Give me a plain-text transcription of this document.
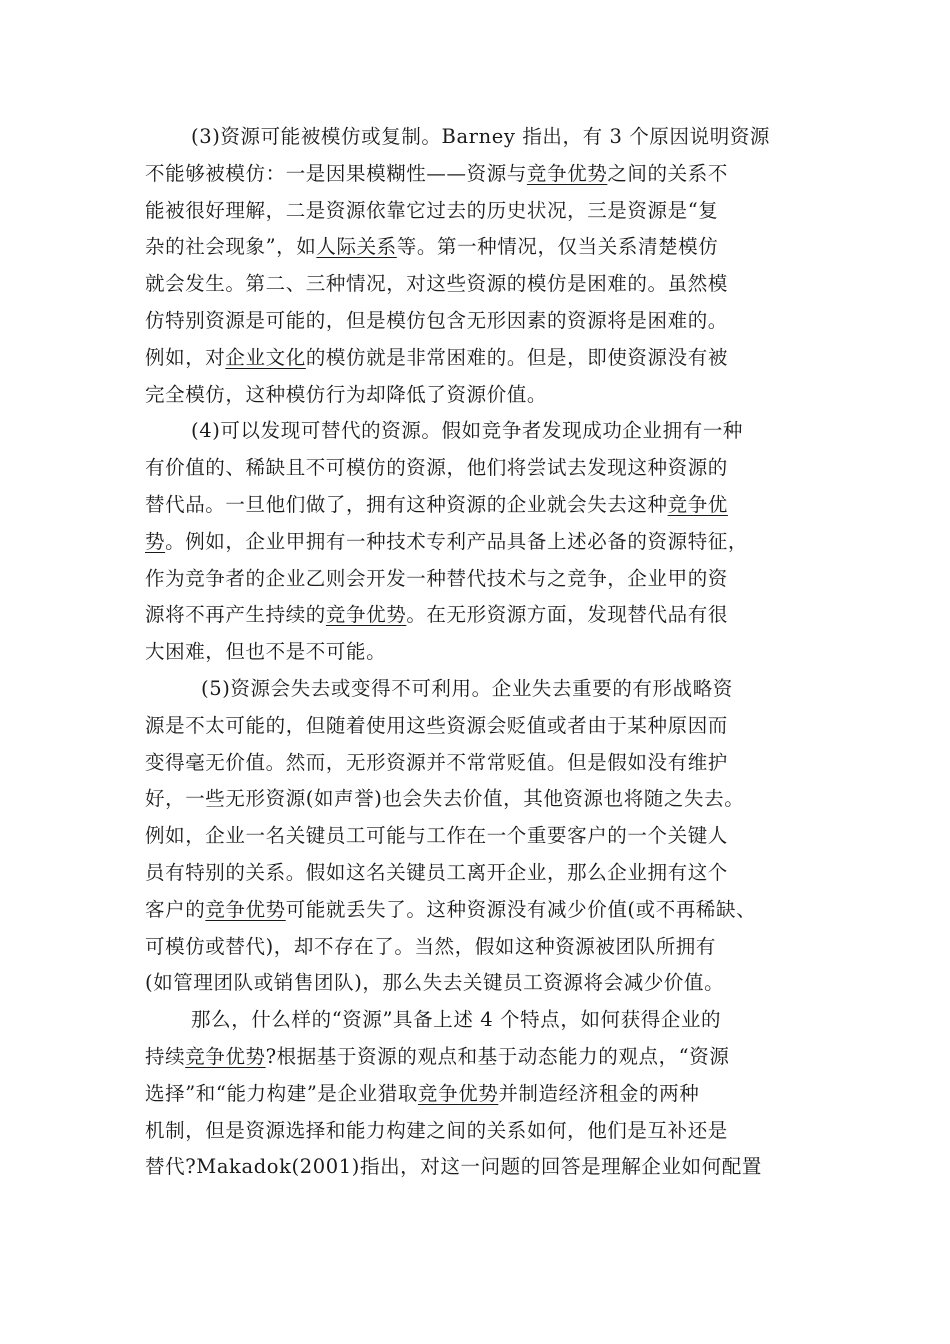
(3)资源可能被模仿或复制。Barney 指出，有 3 个原因说明资源
不能够被模仿：一是因果模糊性——资源与竞争优势之间的关系不
能被很好理解，二是资源依靠它过去的历史状况，三是资源是“复
杂的社会现象”，如人际关系等。第一种情况，仅当关系清楚模仿
就会发生。第二、三种情况，对这些资源的模仿是困难的。虽然模
仿特别资源是可能的，但是模仿包含无形因素的资源将是困难的。
例如，对企业文化的模仿就是非常困难的。但是，即使资源没有被
完全模仿，这种模仿行为却降低了资源价值。
(4)可以发现可替代的资源。假如竞争者发现成功企业拥有一种
有价值的、稀缺且不可模仿的资源，他们将尝试去发现这种资源的
替代品。一旦他们做了，拥有这种资源的企业就会失去这种竞争优
势。例如，企业甲拥有一种技术专利产品具备上述必备的资源特征，
作为竞争者的企业乙则会开发一种替代技术与之竞争，企业甲的资
源将不再产生持续的竞争优势。在无形资源方面，发现替代品有很
大困难，但也不是不可能。
(5)资源会失去或变得不可利用。企业失去重要的有形战略资
源是不太可能的，但随着使用这些资源会贬值或者由于某种原因而
变得毫无价值。然而，无形资源并不常常贬值。但是假如没有维护
好，一些无形资源(如声誉)也会失去价值，其他资源也将随之失去。
例如，企业一名关键员工可能与工作在一个重要客户的一个关键人
员有特别的关系。假如这名关键员工离开企业，那么企业拥有这个
客户的竞争优势可能就丢失了。这种资源没有减少价值(或不再稀缺、
可模仿或替代)，却不存在了。当然，假如这种资源被团队所拥有
(如管理团队或销售团队)，那么失去关键员工资源将会减少价值。
那么，什么样的“资源”具备上述 4 个特点，如何获得企业的
持续竞争优势?根据基于资源的观点和基于动态能力的观点，“资源
选择”和“能力构建”是企业猎取竞争优势并制造经济租金的两种
机制，但是资源选择和能力构建之间的关系如何，他们是互补还是
替代?Makadok(2001)指出，对这一问题的回答是理解企业如何配置
